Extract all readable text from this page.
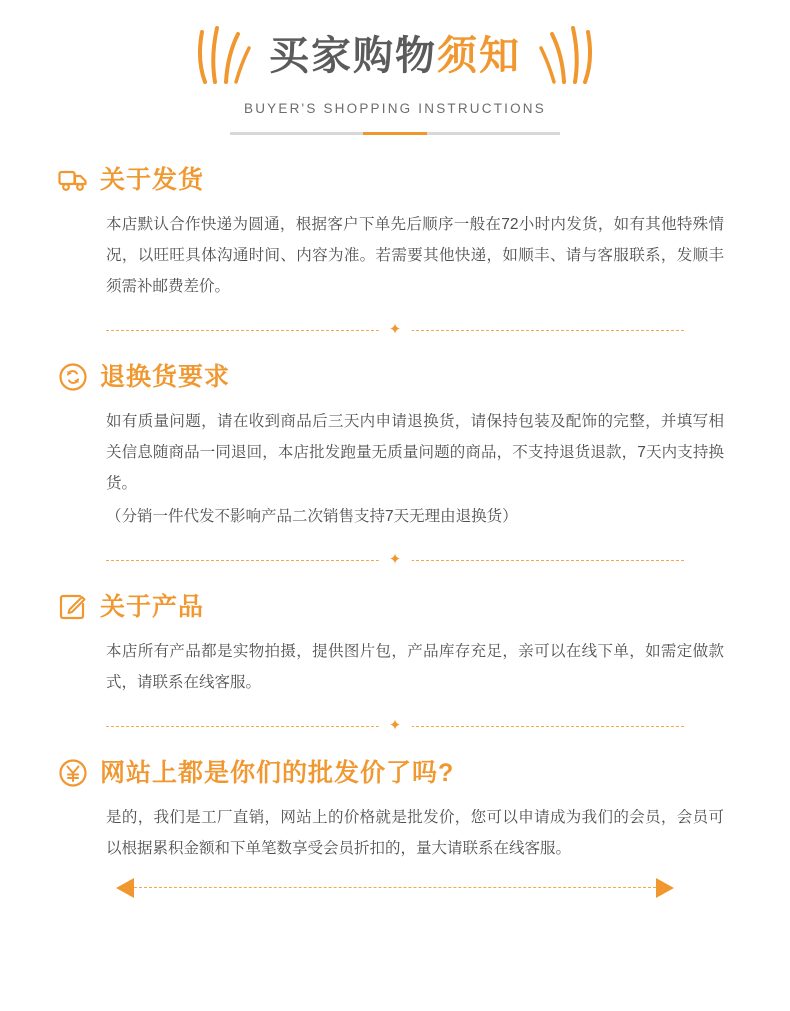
买家购物须知
BUYER'S SHOPPING INSTRUCTIONS
关于发货

本店默认合作快递为圆通，根据客户下单先后顺序一般在72小时内发货，如有其他特殊情况，以旺旺具体沟通时间、内容为准。若需要其他快递，如顺丰、请与客服联系，发顺丰须需补邮费差价。

✦
退换货要求

如有质量问题，请在收到商品后三天内申请退换货，请保持包装及配饰的完整，并填写相关信息随商品一同退回，本店批发跑量无质量问题的商品，不支持退货退款，7天内支持换货。

（分销一件代发不影响产品二次销售支持7天无理由退换货）

✦
关于产品

本店所有产品都是实物拍摄，提供图片包，产品库存充足，亲可以在线下单，如需定做款式，请联系在线客服。

✦
网站上都是你们的批发价了吗?

是的，我们是工厂直销，网站上的价格就是批发价，您可以申请成为我们的会员，会员可以根据累积金额和下单笔数享受会员折扣的，量大请联系在线客服。
